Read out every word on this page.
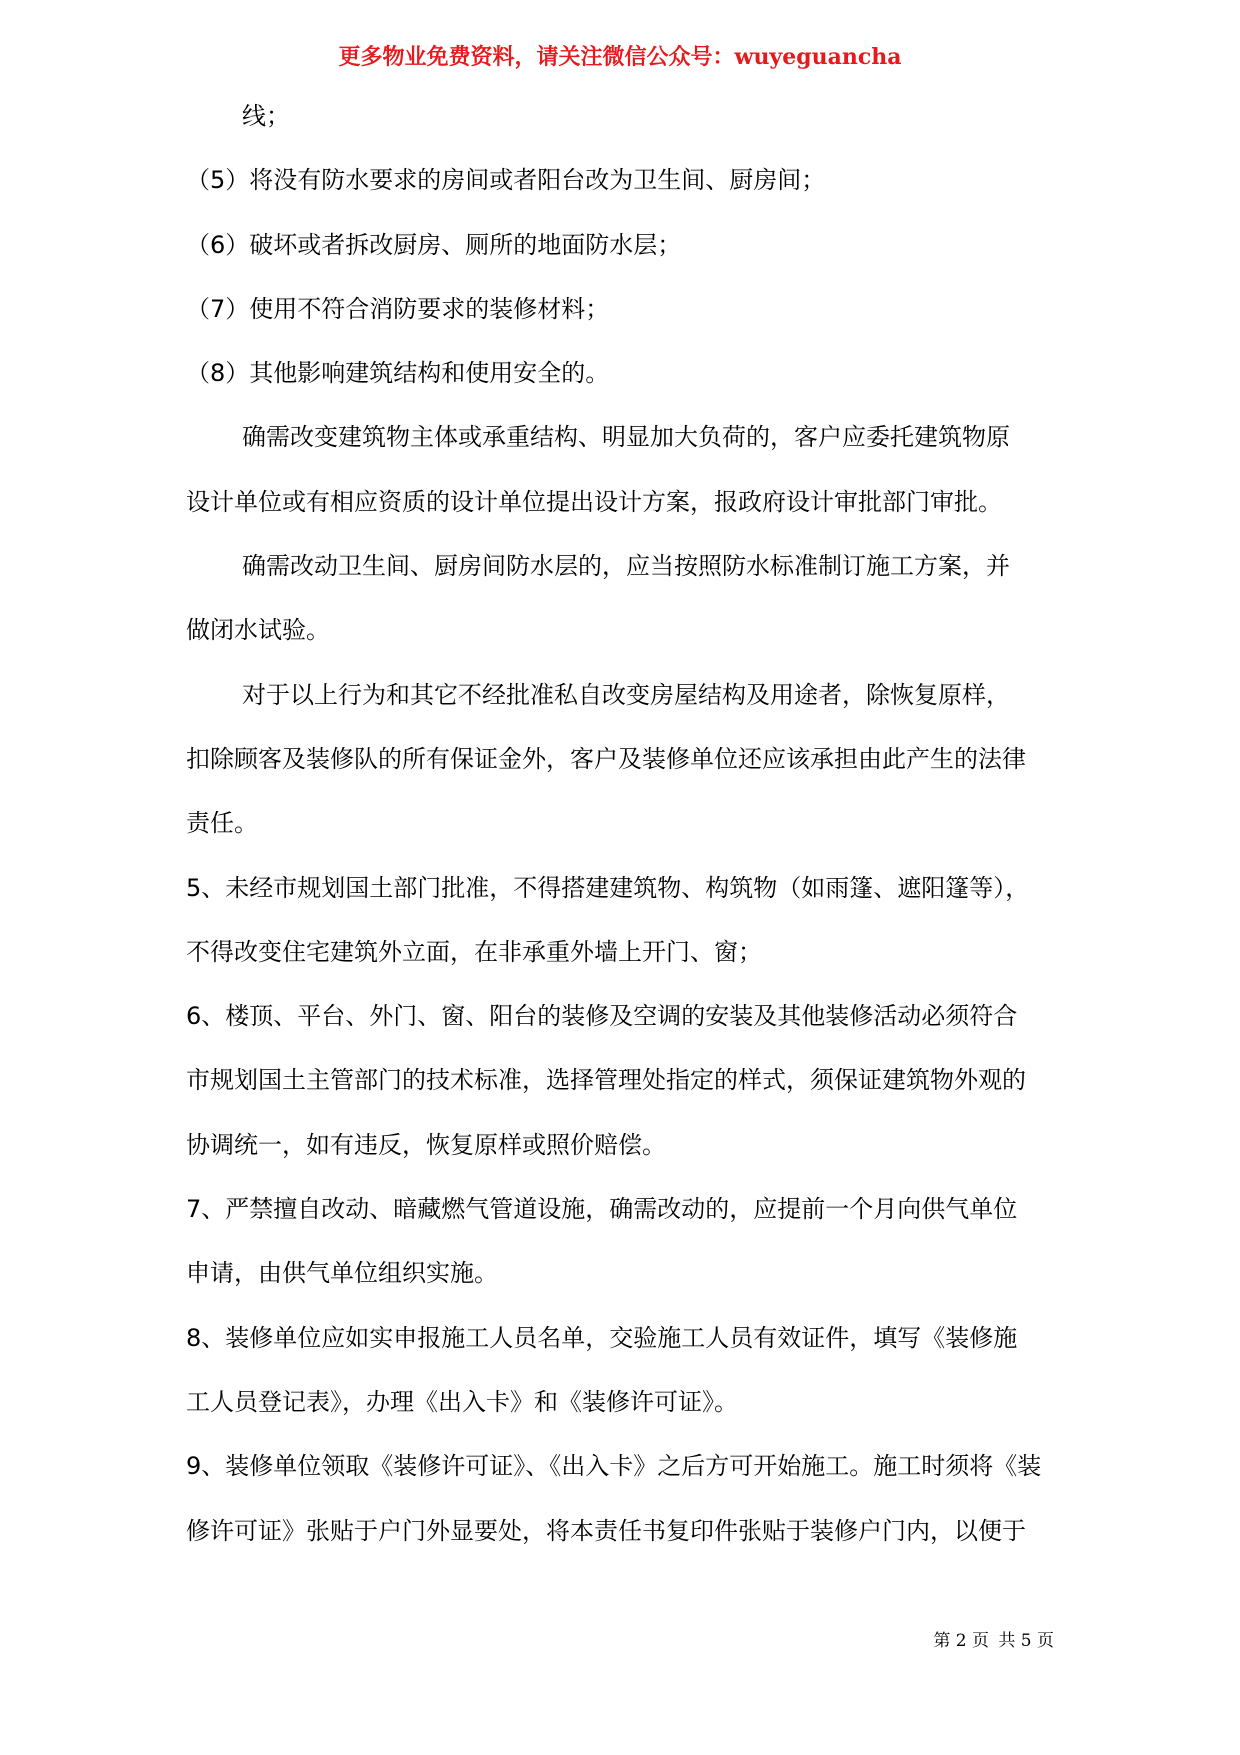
更多物业免费资料，请关注微信公众号：wuyeguancha
线；
（5）将没有防水要求的房间或者阳台改为卫生间、厨房间；
（6）破坏或者拆改厨房、厕所的地面防水层；
（7）使用不符合消防要求的装修材料；
（8）其他影响建筑结构和使用安全的。
确需改变建筑物主体或承重结构、明显加大负荷的，客户应委托建筑物原
设计单位或有相应资质的设计单位提出设计方案，报政府设计审批部门审批。
确需改动卫生间、厨房间防水层的，应当按照防水标准制订施工方案，并
做闭水试验。
对于以上行为和其它不经批准私自改变房屋结构及用途者，除恢复原样，
扣除顾客及装修队的所有保证金外，客户及装修单位还应该承担由此产生的法律
责任。
5、未经市规划国土部门批准，不得搭建建筑物、构筑物（如雨篷、遮阳篷等），
不得改变住宅建筑外立面，在非承重外墙上开门、窗；
6、楼顶、平台、外门、窗、阳台的装修及空调的安装及其他装修活动必须符合
市规划国土主管部门的技术标准，选择管理处指定的样式，须保证建筑物外观的
协调统一，如有违反，恢复原样或照价赔偿。
7、严禁擅自改动、暗藏燃气管道设施，确需改动的，应提前一个月向供气单位
申请，由供气单位组织实施。
8、装修单位应如实申报施工人员名单，交验施工人员有效证件，填写《装修施
工人员登记表》，办理《出入卡》和《装修许可证》。
9、装修单位领取《装修许可证》、《出入卡》之后方可开始施工。施工时须将《装
修许可证》张贴于户门外显要处，将本责任书复印件张贴于装修户门内，以便于
第 2 页 共 5 页
